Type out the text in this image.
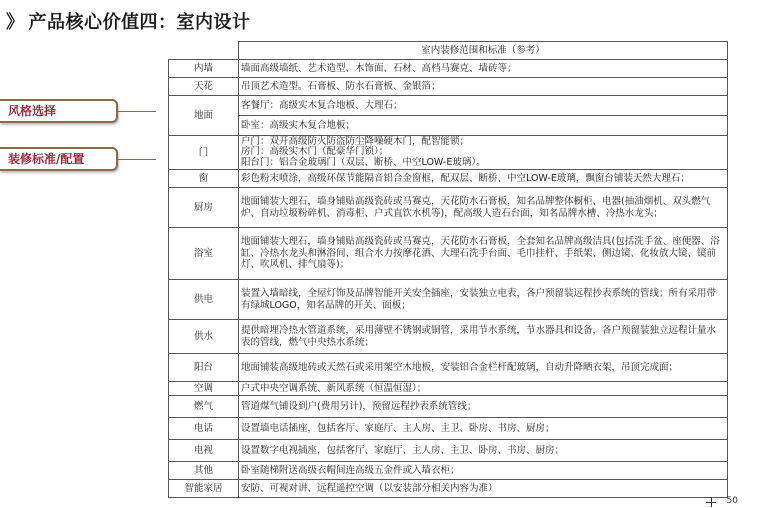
》 产品核心价值四：室内设计
风格选择
装修标准/配置
	室内装修范围和标准（参考）
内墙	墙面高级墙纸、艺术造型、木饰面、石材、高档马赛克、墙砖等；
天花	吊顶艺术造型。石膏板、防水石膏板、金银箔；
地面	客餐厅：高级实木复合地板、大理石；
	卧室：高级实木复合地板；
门	户门：双开高级防火防盗防尘降噪硬木门，配智能锁；
房门：高级实木门（配豪华门锁）；
阳台门：铝合金玻璃门（双层、断桥、中空LOW-E玻璃）。
窗	彩色粉末喷涂，高级环保节能隔音铝合金窗框，配双层、断桥、中空LOW-E玻璃，飘窗台铺装天然大理石；
厨房	地面铺装大理石，墙身铺贴高级瓷砖或马赛克，天花防水石膏板，知名品牌整体橱柜、电器(抽油烟机、双头燃气炉、自动垃圾粉碎机、消毒柜、户式直饮水机等)，配高级人造石台面，知名品牌水槽、冷热水龙头；
浴室	地面铺装大理石，墙身铺贴高级瓷砖或马赛克，天花防水石膏板，全套知名品牌高级洁具(包括洗手盆、座便器、浴缸、冷热水龙头和淋浴间、组合水力按摩花洒、大理石洗手台面、毛巾挂杆、手纸架、侧边镜、化妆放大镜、镜前灯、吹风机、排气扇等)；
供电	装置入墙暗线，全屋灯饰及品牌智能开关安全插座，安装独立电表，各户预留装远程抄表系统的管线；所有采用带有绿城LOGO，知名品牌的开关、面板；
供水	提供暗埋冷热水管道系统，采用薄壁不锈钢或铜管，采用节水系统，节水器具和设备，各户预留装独立远程计量水表的管线，燃气中央热水系统；
阳台	地面铺装高级地砖或天然石或采用架空木地板，安装铝合金栏杆配玻璃，自动升降晒衣架，吊顶完成面；
空调	户式中央空调系统、新风系统（恒温恒湿）；
燃气	管道煤气铺设到户(费用另计)，预留远程抄表系统管线；
电话	设置墙电话插座，包括客厅、家庭厅、主人房、主卫、卧房、书房、厨房；
电视	设置数字电视插座，包括客厅、家庭厅、主人房、主卫、卧房、书房、厨房；
其他	卧室随梯附送高级衣帽间连高级五金件或入墙衣柜；
智能家居	安防、可视对讲、远程遥控空调（以安装部分相关内容为准）
50
